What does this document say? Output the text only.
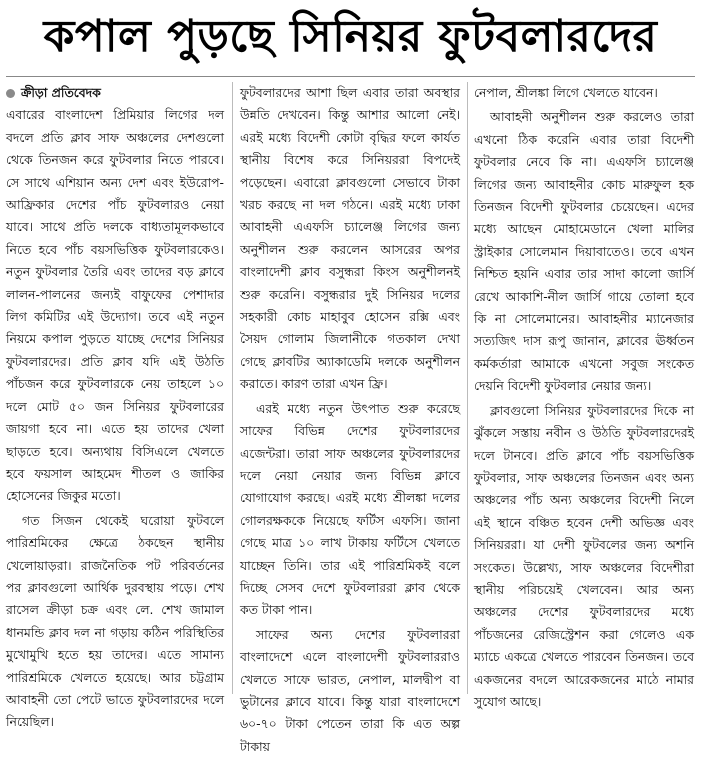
কপাল পুড়ছে সিনিয়র ফুটবলারদের
ক্রীড়া প্রতিবেদক

এবারের বাংলাদেশ প্রিমিয়ার লিগের দল বদলে প্রতি ক্লাব সাফ অঞ্চলের দেশগুলো থেকে তিনজন করে ফুটবলার নিতে পারবে। সে সাথে এশিয়ান অন্য দেশ এবং ইউরোপ-আফ্রিকার দেশের পাঁচ ফুটবলারও নেয়া যাবে। সাথে প্রতি দলকে বাধ্যতামূলকভাবে নিতে হবে পাঁচ বয়সভিত্তিক ফুটবলারকেও। নতুন ফুটবলার তৈরি এবং তাদের বড় ক্লাবে লালন-পালনের জন্যই বাফুফের পেশাদার লিগ কমিটির এই উদ্যোগ। তবে এই নতুন নিয়মে কপাল পুড়তে যাচ্ছে দেশের সিনিয়র ফুটবলারদের। প্রতি ক্লাব যদি এই উঠতি পাঁচজন করে ফুটবলারকে নেয় তাহলে ১০ দলে মোট ৫০ জন সিনিয়র ফুটবলারের জায়গা হবে না। এতে হয় তাদের খেলা ছাড়তে হবে। অন্যথায় বিসিএলে খেলতে হবে ফয়সাল আহমেদ শীতল ও জাকির হোসেনের জিকুর মতো।

গত সিজন থেকেই ঘরোয়া ফুটবলে পারিশ্রমিকের ক্ষেত্রে ঠকছেন স্থানীয় খেলোয়াড়রা। রাজনৈতিক পট পরিবর্তনের পর ক্লাবগুলো আর্থিক দুরবস্থায় পড়ে। শেখ রাসেল ক্রীড়া চক্র এবং লে. শেখ জামাল ধানমন্ডি ক্লাব দল না গড়ায় কঠিন পরিস্থিতির মুখোমুখি হতে হয় তাদের। এতে সামান্য পারিশ্রমিকে খেলতে হয়েছে। আর চট্টগ্রাম আবাহনী তো পেটে ভাতে ফুটবলারদের দলে নিয়েছিল।

ফুটবলারদের আশা ছিল এবার তারা অবস্থার উন্নতি দেখবেন। কিন্তু আশার আলো নেই। এরই মধ্যে বিদেশী কোটা বৃদ্ধির ফলে কার্যত স্থানীয় বিশেষ করে সিনিয়ররা বিপদেই পড়েছেন। এবারো ক্লাবগুলো সেভাবে টাকা খরচ করছে না দল গঠনে। এরই মধ্যে ঢাকা আবাহনী এএফসি চ্যালেঞ্জ লিগের জন্য অনুশীলন শুরু করলেন আসরের অপর বাংলাদেশী ক্লাব বসুন্ধরা কিংস অনুশীলনই শুরু করেনি। বসুন্ধরার দুই সিনিয়র দলের সহকারী কোচ মাহাবুব হোসেন রক্সি এবং সৈয়দ গোলাম জিলানীকে গতকাল দেখা গেছে ক্লাবটির অ্যাকাডেমি দলকে অনুশীলন করাতে। কারণ তারা এখন ফ্রি।

এরই মধ্যে নতুন উৎপাত শুরু করেছে সাফের বিভিন্ন দেশের ফুটবলারদের এজেন্টরা। তারা সাফ অঞ্চলের ফুটবলারদের দলে নেয়া নেয়ার জন্য বিভিন্ন ক্লাবে যোগাযোগ করছে। এরই মধ্যে শ্রীলঙ্কা দলের গোলরক্ষককে নিয়েছে ফর্টিস এফসি। জানা গেছে মাত্র ১০ লাখ টাকায় ফর্টিসে খেলতে যাচ্ছেন তিনি। তার এই পারিশ্রমিকই বলে দিচ্ছে সেসব দেশে ফুটবলাররা ক্লাব থেকে কত টাকা পান।

সাফের অন্য দেশের ফুটবলাররা বাংলাদেশে এলে বাংলাদেশী ফুটবলাররাও খেলতে সাফে ভারত, নেপাল, মালদ্বীপ বা ভুটানের ক্লাবে যাবে। কিন্তু যারা বাংলাদেশে ৬০-৭০ টাকা পেতেন তারা কি এত অল্প টাকায়

নেপাল, শ্রীলঙ্কা লিগে খেলতে যাবেন।

আবাহনী অনুশীলন শুরু করলেও তারা এখনো ঠিক করেনি এবার তারা বিদেশী ফুটবলার নেবে কি না। এএফসি চ্যালেঞ্জ লিগের জন্য আবাহনীর কোচ মারুফুল হক তিনজন বিদেশী ফুটবলার চেয়েছেন। এদের মধ্যে আছেন মোহামেডানে খেলা মালির স্ট্রাইকার সোলেমান দিয়াবাতেও। তবে এখন নিশ্চিত হয়নি এবার তার সাদা কালো জার্সি রেখে আকাশি-নীল জার্সি গায়ে তোলা হবে কি না সোলেমানের। আবাহনীর ম্যানেজার সত্যজিৎ দাস রূপু জানান, ক্লাবের ঊর্ধ্বতন কর্মকর্তারা আমাকে এখনো সবুজ সংকেত দেয়নি বিদেশী ফুটবলার নেয়ার জন্য।

ক্লাবগুলো সিনিয়র ফুটবলারদের দিকে না ঝুঁকলে সস্তায় নবীন ও উঠতি ফুটবলারদেরই দলে টানবে। প্রতি ক্লাবে পাঁচ বয়সভিত্তিক ফুটবলার, সাফ অঞ্চলের তিনজন এবং অন্য অঞ্চলের পাঁচ অন্য অঞ্চলের বিদেশী নিলে এই স্থানে বঞ্চিত হবেন দেশী অভিজ্ঞ এবং সিনিয়ররা। যা দেশী ফুটবলের জন্য অশনি সংকেত। উল্লেখ্য, সাফ অঞ্চলের বিদেশীরা স্থানীয় পরিচয়েই খেলবেন। আর অন্য অঞ্চলের দেশের ফুটবলারদের মধ্যে পাঁচজনের রেজিস্ট্রেশন করা গেলেও এক ম্যাচে একত্রে খেলতে পারবেন তিনজন। তবে একজনের বদলে আরেকজনের মাঠে নামার সুযোগ আছে।
